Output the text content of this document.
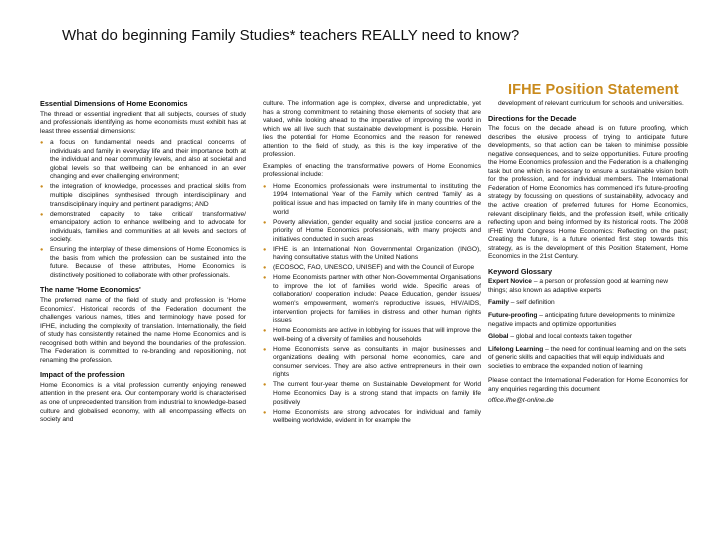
What do beginning Family Studies* teachers REALLY need to know?
IFHE Position Statement
Essential Dimensions of Home Economics

The thread or essential ingredient that all subjects, courses of study and professionals identifying as home economists must exhibit has at least three essential dimensions:

● a focus on fundamental needs and practical concerns of individuals and family in everyday life and their importance both at the individual and near community levels, and also at societal and global levels so that wellbeing can be enhanced in an ever changing and ever challenging environment;
● the integration of knowledge, processes and practical skills from multiple disciplines synthesised through interdisciplinary and transdisciplinary inquiry and pertinent paradigms; AND
● demonstrated capacity to take critical/ transformative/ emancipatory action to enhance wellbeing and to advocate for individuals, families and communities at all levels and sectors of society.
● Ensuring the interplay of these dimensions of Home Economics is the basis from which the profession can be sustained into the future. Because of these attributes, Home Economics is distinctively positioned to collaborate with other professionals.
The name 'Home Economics'

The preferred name of the field of study and profession is 'Home Economics'. Historical records of the Federation document the challenges various names, titles and terminology have posed for IFHE, including the complexity of translation. Internationally, the field of study has consistently retained the name Home Economics and is recognised both within and beyond the boundaries of the profession. The Federation is committed to re-branding and repositioning, not renaming the profession.

Impact of the profession

Home Economics is a vital profession currently enjoying renewed attention in the present era. Our contemporary world is characterised as one of unprecedented transition from industrial to knowledge-based culture and globalised economy, with all encompassing effects on society and

culture. The information age is complex, diverse and unpredictable, yet has a strong commitment to retaining those elements of society that are valued, while looking ahead to the imperative of improving the world in which we all live such that sustainable development is possible. Herein lies the potential for Home Economics and the reason for renewed attention to the field of study, as this is the key imperative of the profession.

Examples of enacting the transformative powers of Home Economics professional include:

● Home Economics professionals were instrumental to instituting the 1994 International Year of the Family which centred 'family' as a political issue and has impacted on family life in many countries of the world
● Poverty alleviation, gender equality and social justice concerns are a priority of Home Economics professionals, with many projects and initiatives conducted in such areas
● IFHE is an International Non Governmental Organization (INGO), having consultative status with the United Nations
● (ECOSOC, FAO, UNESCO, UNISEF) and with the Council of Europe
● Home Economists partner with other Non-Governmental Organisations to improve the lot of families world wide. Specific areas of collaboration/ cooperation include: Peace Education, gender issues/ women's empowerment, women's reproductive issues, HIV/AIDS, intervention projects for families in distress and other human rights issues
● Home Economists are active in lobbying for issues that will improve the well-being of a diversity of families and households
● Home Economists serve as consultants in major businesses and organizations dealing with personal home economics, care and consumer services. They are also active entrepreneurs in their own rights
● The current four-year theme on Sustainable Development for World Home Economics Day is a strong stand that impacts on family life positively
● Home Economists are strong advocates for individual and family wellbeing worldwide, evident in for example the

development of relevant curriculum for schools and universities.

Directions for the Decade

The focus on the decade ahead is on future proofing, which describes the elusive process of trying to anticipate future developments, so that action can be taken to minimise possible negative consequences, and to seize opportunities. Future proofing the Home Economics profession and the Federation is a challenging task but one which is necessary to ensure a sustainable vision both for the profession, and for individual members. The International Federation of Home Economics has commenced it's future-proofing strategy by focussing on questions of sustainability, advocacy and the active creation of preferred futures for Home Economics, relevant disciplinary fields, and the profession itself, while critically reflecting upon and being informed by its historical roots. The 2008 IFHE World Congress Home Economics: Reflecting on the past; Creating the future, is a future oriented first step towards this strategy, as is the development of this Position Statement, Home Economics in the 21st Century.

Keyword Glossary
Expert Novice – a person or profession good at learning new things; also known as adaptive experts
Family – self definition
Future-proofing – anticipating future developments to minimize negative impacts and optimize opportunities
Global – global and local contexts taken together
Lifelong Learning – the need for continual learning and on the sets of generic skills and capacities that will equip individuals and societies to embrace the expanded notion of learning

Please contact the International Federation for Home Economics for any enquiries regarding this document

office.ifhe@t-online.de
